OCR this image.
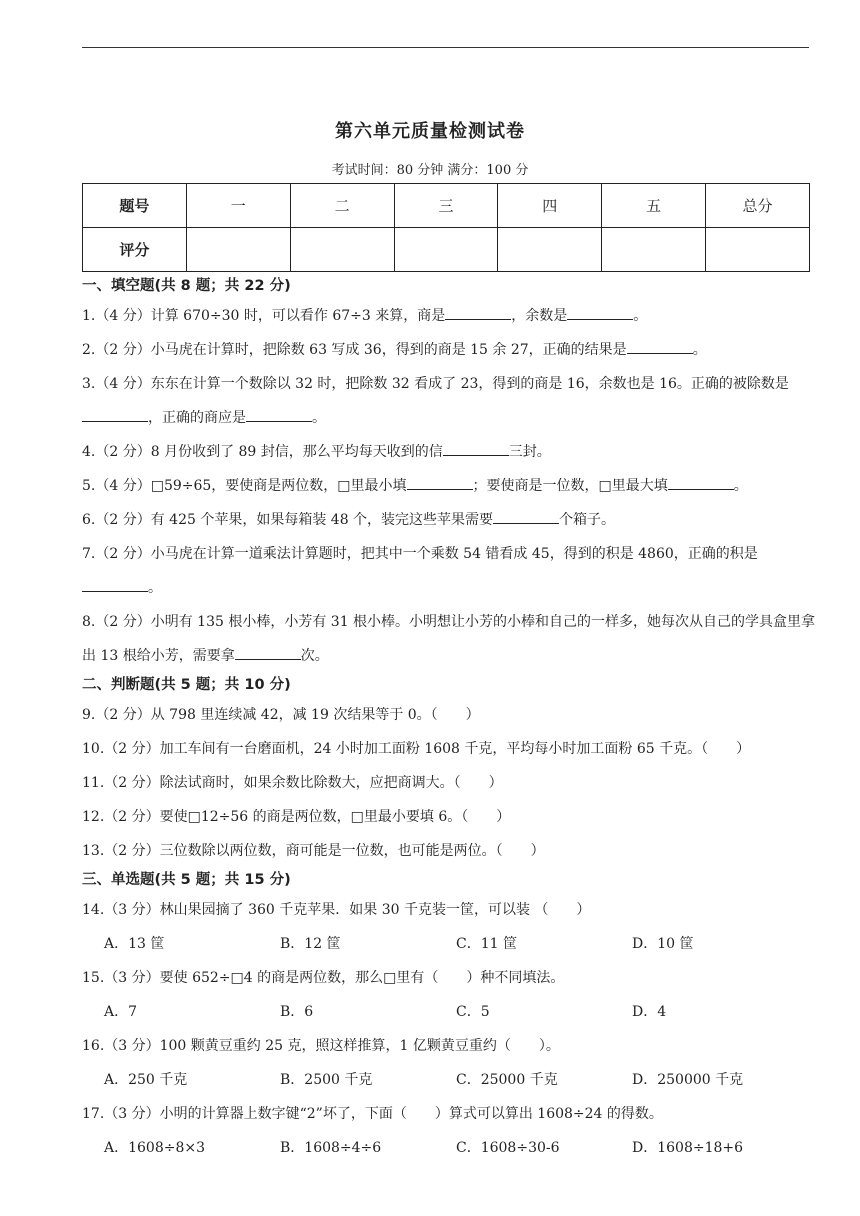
第六单元质量检测试卷
考试时间：80 分钟 满分：100 分
题号	一	二	三	四	五	总分
评分						
一、填空题(共 8 题；共 22 分)
1.（4 分）计算 670÷30 时，可以看作 67÷3 来算，商是	，余数是	。
2.（2 分）小马虎在计算时，把除数 63 写成 36，得到的商是 15 余 27，正确的结果是	。
3.（4 分）东东在计算一个数除以 32 时，把除数 32 看成了 23，得到的商是 16，余数也是 16。正确的被除数是，正确的商应是	。
4.（2 分）8 月份收到了 89 封信，那么平均每天收到的信	三封。
5.（4 分）□59÷65，要使商是两位数，□里最小填	；要使商是一位数，□里最大填	。
6.（2 分）有 425 个苹果，如果每箱装 48 个，装完这些苹果需要	个箱子。
7.（2 分）小马虎在计算一道乘法计算题时，把其中一个乘数 54 错看成 45，得到的积是 4860，正确的积是。
8.（2 分）小明有 135 根小棒，小芳有 31 根小棒。小明想让小芳的小棒和自己的一样多，她每次从自己的学具盒里拿出 13 根给小芳，需要拿	次。
二、判断题(共 5 题；共 10 分)
9.（2 分）从 798 里连续减 42，减 19 次结果等于 0。（　　）
10.（2 分）加工车间有一台磨面机，24 小时加工面粉 1608 千克，平均每小时加工面粉 65 千克。（　　）
11.（2 分）除法试商时，如果余数比除数大，应把商调大。（　　）
12.（2 分）要使□12÷56 的商是两位数，□里最小要填 6。（　　）
13.（2 分）三位数除以两位数，商可能是一位数，也可能是两位。（　　）
三、单选题(共 5 题；共 15 分)
14.（3 分）林山果园摘了 360 千克苹果．如果 30 千克装一筐，可以装 （　　）
A．13 筐	B．12 筐	C．11 筐	D．10 筐
15.（3 分）要使 652÷□4 的商是两位数，那么□里有（　　）种不同填法。
A．7	B．6	C．5	D．4
16.（3 分）100 颗黄豆重约 25 克，照这样推算，1 亿颗黄豆重约（　　）。
A．250 千克	B．2500 千克	C．25000 千克	D．250000 千克
17.（3 分）小明的计算器上数字键“2”坏了，下面（　　）算式可以算出 1608÷24 的得数。
A．1608÷8×3	B．1608÷4÷6	C．1608÷30-6	D．1608÷18+6
